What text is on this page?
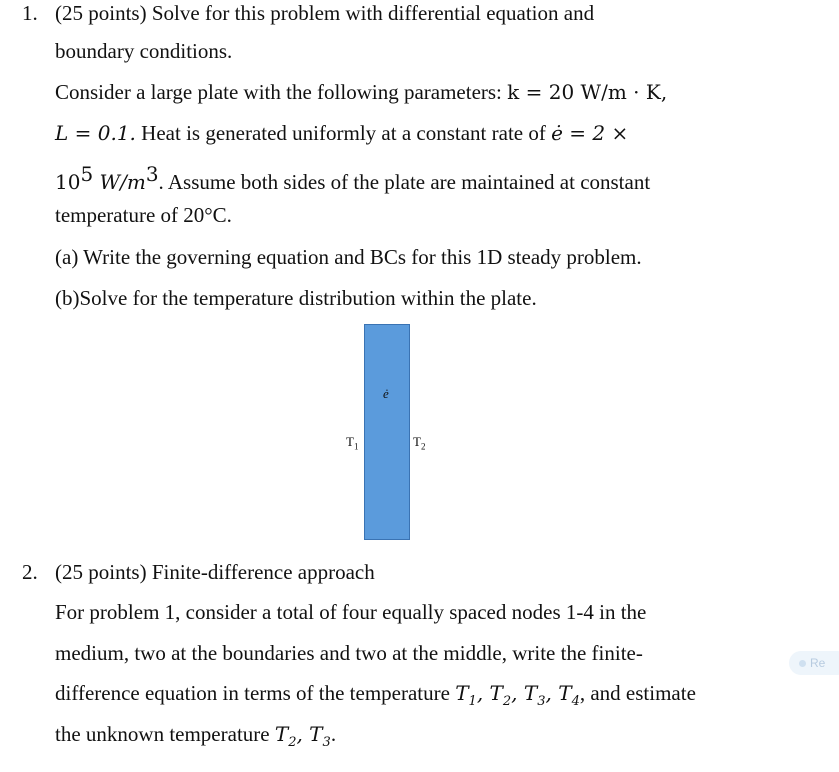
1. (25 points) Solve for this problem with differential equation and
boundary conditions.
Consider a large plate with the following parameters: k = 20 W/m · K,
L = 0.1. Heat is generated uniformly at a constant rate of ė = 2 ×
$10^5$ $W/m^3$. Assume both sides of the plate are maintained at constant
temperature of 20°C.
(a) Write the governing equation and BCs for this 1D steady problem.
(b)Solve for the temperature distribution within the plate.
ė
$T_1$	$T_2$
2. (25 points) Finite-difference approach
For problem 1, consider a total of four equally spaced nodes 1-4 in the
medium, two at the boundaries and two at the middle, write the finite-
difference equation in terms of the temperature $T_1$, $T_2$, $T_3$, $T_4$, and estimate
the unknown temperature $T_2$, $T_3$.
Re
